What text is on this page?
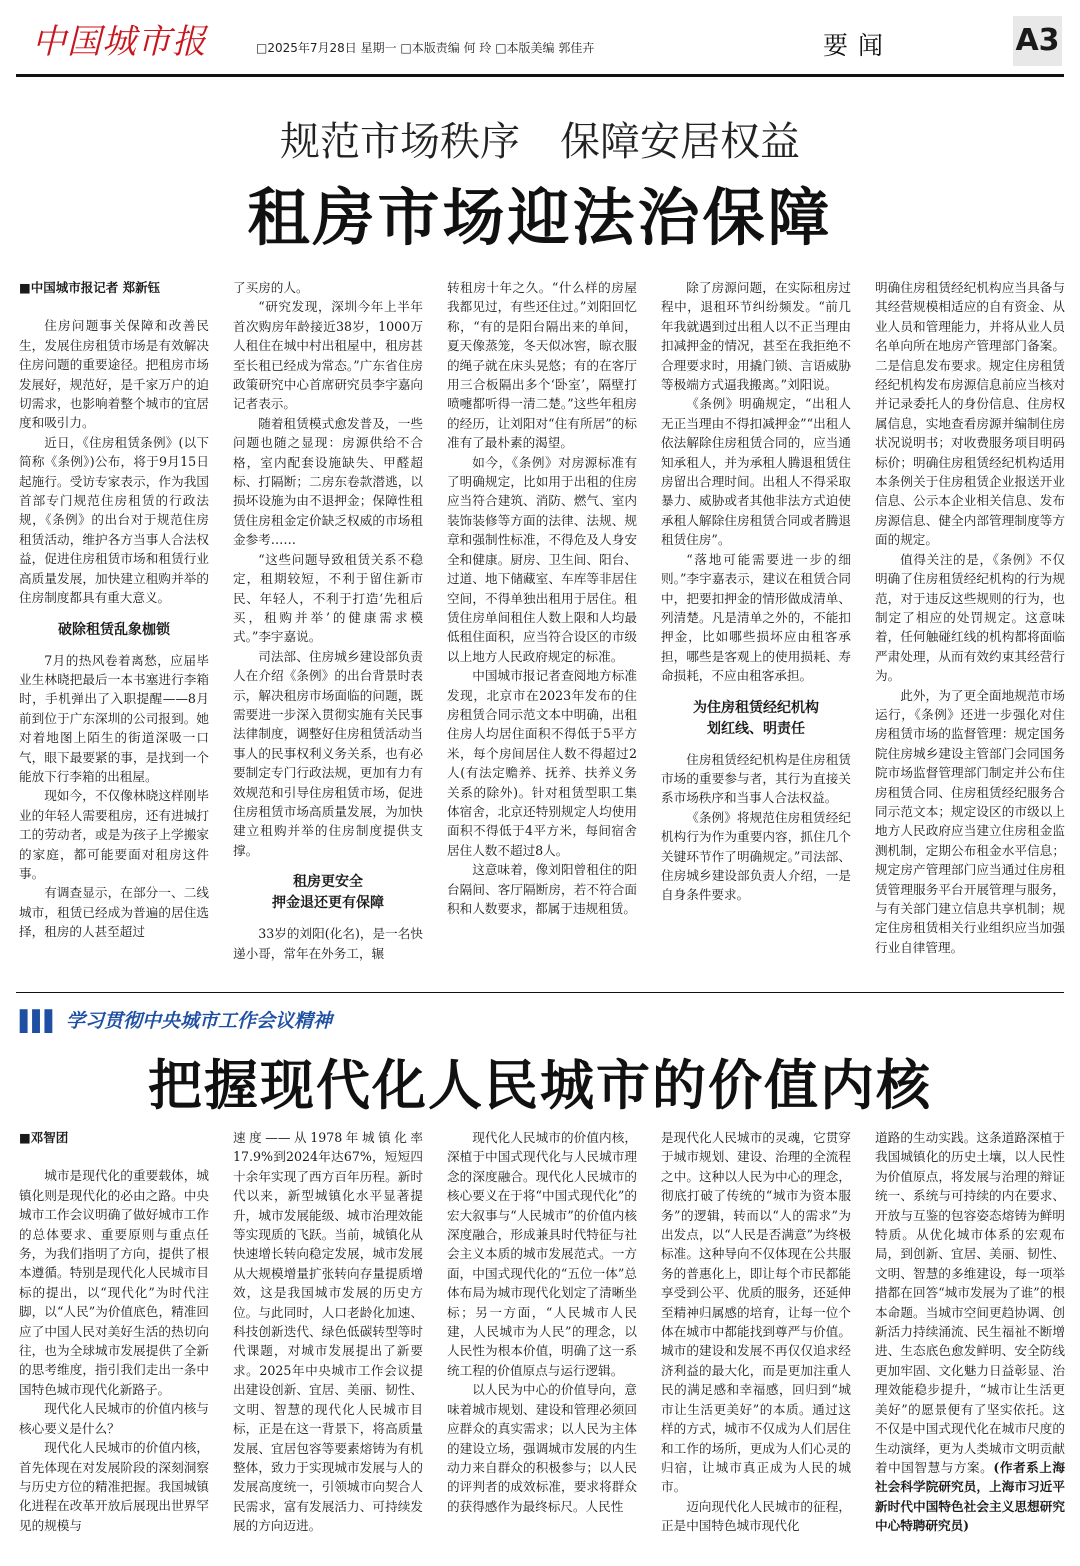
中国城市报	□2025年7月28日 星期一 □本版责编 何 玲 □本版美编 郭佳卉	要闻	A3
规范市场秩序　保障安居权益
租房市场迎法治保障

■中国城市报记者 郑新钰

住房问题事关保障和改善民生，发展住房租赁市场是有效解决住房问题的重要途径。把租房市场发展好，规范好，是千家万户的迫切需求，也影响着整个城市的宜居度和吸引力。

近日，《住房租赁条例》(以下简称《条例》)公布，将于9月15日起施行。受访专家表示，作为我国首部专门规范住房租赁的行政法规，《条例》的出台对于规范住房租赁活动，维护各方当事人合法权益，促进住房租赁市场和租赁行业高质量发展，加快建立租购并举的住房制度都具有重大意义。

破除租赁乱象枷锁

7月的热风卷着离愁，应届毕业生林晓把最后一本书塞进行李箱时，手机弹出了入职提醒——8月前到位于广东深圳的公司报到。她对着地图上陌生的街道深吸一口气，眼下最要紧的事，是找到一个能放下行李箱的出租屋。

现如今，不仅像林晓这样刚毕业的年轻人需要租房，还有进城打工的劳动者，或是为孩子上学搬家的家庭，都可能要面对租房这件事。

有调查显示，在部分一、二线城市，租赁已经成为普遍的居住选择，租房的人甚至超过

了买房的人。

“研究发现，深圳今年上半年首次购房年龄接近38岁，1000万人租住在城中村出租屋中，租房甚至长租已经成为常态。”广东省住房政策研究中心首席研究员李宇嘉向记者表示。

随着租赁模式愈发普及，一些问题也随之显现：房源供给不合格，室内配套设施缺失、甲醛超标、打隔断；二房东卷款潜逃，以损坏设施为由不退押金；保障性租赁住房租金定价缺乏权威的市场租金参考……

“这些问题导致租赁关系不稳定，租期较短，不利于留住新市民、年轻人，不利于打造‘先租后买，租购并举’的健康需求模式。”李宇嘉说。

司法部、住房城乡建设部负责人在介绍《条例》的出台背景时表示，解决租房市场面临的问题，既需要进一步深入贯彻实施有关民事法律制度，调整好住房租赁活动当事人的民事权利义务关系，也有必要制定专门行政法规，更加有力有效规范和引导住房租赁市场，促进住房租赁市场高质量发展，为加快建立租购并举的住房制度提供支撑。

租房更安全
押金退还更有保障

33岁的刘阳(化名)，是一名快递小哥，常年在外务工，辗

转租房十年之久。“什么样的房屋我都见过，有些还住过。”刘阳回忆称，“有的是阳台隔出来的单间，夏天像蒸笼，冬天似冰窖，晾衣服的绳子就在床头晃悠；有的在客厅用三合板隔出多个‘卧室’，隔壁打喷嚏都听得一清二楚。”这些年租房的经历，让刘阳对“住有所居”的标准有了最朴素的渴望。

如今，《条例》对房源标准有了明确规定，比如用于出租的住房应当符合建筑、消防、燃气、室内装饰装修等方面的法律、法规、规章和强制性标准，不得危及人身安全和健康。厨房、卫生间、阳台、过道、地下储藏室、车库等非居住空间，不得单独出租用于居住。租赁住房单间租住人数上限和人均最低租住面积，应当符合设区的市级以上地方人民政府规定的标准。

中国城市报记者查阅地方标准发现，北京市在2023年发布的住房租赁合同示范文本中明确，出租住房人均居住面积不得低于5平方米，每个房间居住人数不得超过2人(有法定赡养、抚养、扶养义务关系的除外)。针对租赁型职工集体宿舍，北京还特别规定人均使用面积不得低于4平方米，每间宿舍居住人数不超过8人。

这意味着，像刘阳曾租住的阳台隔间、客厅隔断房，若不符合面积和人数要求，都属于违规租赁。

除了房源问题，在实际租房过程中，退租环节纠纷频发。“前几年我就遇到过出租人以不正当理由扣减押金的情况，甚至在我拒绝不合理要求时，用撬门锁、言语威胁等极端方式逼我搬离。”刘阳说。

《条例》明确规定，“出租人无正当理由不得扣减押金”“出租人依法解除住房租赁合同的，应当通知承租人，并为承租人腾退租赁住房留出合理时间。出租人不得采取暴力、威胁或者其他非法方式迫使承租人解除住房租赁合同或者腾退租赁住房”。

“落地可能需要进一步的细则。”李宇嘉表示，建议在租赁合同中，把要扣押金的情形做成清单、列清楚。凡是清单之外的，不能扣押金，比如哪些损坏应由租客承担，哪些是客观上的使用损耗、寿命损耗，不应由租客承担。

为住房租赁经纪机构
划红线、明责任

住房租赁经纪机构是住房租赁市场的重要参与者，其行为直接关系市场秩序和当事人合法权益。

《条例》将规范住房租赁经纪机构行为作为重要内容，抓住几个关键环节作了明确规定。”司法部、住房城乡建设部负责人介绍，一是自身条件要求。

明确住房租赁经纪机构应当具备与其经营规模相适应的自有资金、从业人员和管理能力，并将从业人员名单向所在地房产管理部门备案。二是信息发布要求。规定住房租赁经纪机构发布房源信息前应当核对并记录委托人的身份信息、住房权属信息，实地查看房源并编制住房状况说明书；对收费服务项目明码标价；明确住房租赁经纪机构适用本条例关于住房租赁企业报送开业信息、公示本企业相关信息、发布房源信息、健全内部管理制度等方面的规定。

值得关注的是，《条例》不仅明确了住房租赁经纪机构的行为规范，对于违反这些规则的行为，也制定了相应的处罚规定。这意味着，任何触碰红线的机构都将面临严肃处理，从而有效约束其经营行为。

此外，为了更全面地规范市场运行，《条例》还进一步强化对住房租赁市场的监督管理：规定国务院住房城乡建设主管部门会同国务院市场监督管理部门制定并公布住房租赁合同、住房租赁经纪服务合同示范文本；规定设区的市级以上地方人民政府应当建立住房租金监测机制，定期公布租金水平信息；规定房产管理部门应当通过住房租赁管理服务平台开展管理与服务，与有关部门建立信息共享机制；规定住房租赁相关行业组织应当加强行业自律管理。

▌▌▌ 学习贯彻中央城市工作会议精神
把握现代化人民城市的价值内核

■邓智团

城市是现代化的重要载体，城镇化则是现代化的必由之路。中央城市工作会议明确了做好城市工作的总体要求、重要原则与重点任务，为我们指明了方向，提供了根本遵循。特别是现代化人民城市目标的提出，以“现代化”为时代注脚，以“人民”为价值底色，精准回应了中国人民对美好生活的热切向往，也为全球城市发展提供了全新的思考维度，指引我们走出一条中国特色城市现代化新路子。

现代化人民城市的价值内核与核心要义是什么？

现代化人民城市的价值内核，首先体现在对发展阶段的深刻洞察与历史方位的精准把握。我国城镇化进程在改革开放后展现出世界罕见的规模与

速度——从1978年城镇化率17.9%到2024年达67%，短短四十余年实现了西方百年历程。新时代以来，新型城镇化水平显著提升，城市发展能级、城市治理效能等实现质的飞跃。当前，城镇化从快速增长转向稳定发展，城市发展从大规模增量扩张转向存量提质增效，这是我国城市发展的历史方位。与此同时，人口老龄化加速、科技创新迭代、绿色低碳转型等时代课题，对城市发展提出了新要求。2025年中央城市工作会议提出建设创新、宜居、美丽、韧性、文明、智慧的现代化人民城市目标，正是在这一背景下，将高质量发展、宜居包容等要素熔铸为有机整体，致力于实现城市发展与人的发展高度统一，引领城市向契合人民需求，富有发展活力、可持续发展的方向迈进。

现代化人民城市的价值内核，深植于中国式现代化与人民城市理念的深度融合。现代化人民城市的核心要义在于将“中国式现代化”的宏大叙事与“人民城市”的价值内核深度融合，形成兼具时代特征与社会主义本质的城市发展范式。一方面，中国式现代化的“五位一体”总体布局为城市现代化划定了清晰坐标；另一方面，“人民城市人民建，人民城市为人民”的理念，以人民性为根本价值，明确了这一系统工程的价值原点与运行逻辑。

以人民为中心的价值导向，意味着城市规划、建设和管理必须回应群众的真实需求；以人民为主体的建设立场，强调城市发展的内生动力来自群众的积极参与；以人民的评判者的成效标准，要求将群众的获得感作为最终标尺。人民性

是现代化人民城市的灵魂，它贯穿于城市规划、建设、治理的全流程之中。这种以人民为中心的理念，彻底打破了传统的“城市为资本服务”的逻辑，转而以“人的需求”为出发点，以“人民是否满意”为终极标准。这种导向不仅体现在公共服务的普惠化上，即让每个市民都能享受到公平、优质的服务，还延伸至精神归属感的培育，让每一位个体在城市中都能找到尊严与价值。城市的建设和发展不再仅仅追求经济利益的最大化，而是更加注重人民的满足感和幸福感，回归到“城市让生活更美好”的本质。通过这样的方式，城市不仅成为人们居住和工作的场所，更成为人们心灵的归宿，让城市真正成为人民的城市。

迈向现代化人民城市的征程，正是中国特色城市现代化

道路的生动实践。这条道路深植于我国城镇化的历史土壤，以人民性为价值原点，将发展与治理的辩证统一、系统与可持续的内在要求、开放与互鉴的包容姿态熔铸为鲜明特质。从优化城市体系的宏观布局，到创新、宜居、美丽、韧性、文明、智慧的多维建设，每一项举措都在回答“城市发展为了谁”的根本命题。当城市空间更趋协调、创新活力持续涌流、民生福祉不断增进、生态底色愈发鲜明、安全防线更加牢固、文化魅力日益彰显、治理效能稳步提升，“城市让生活更美好”的愿景便有了坚实依托。这不仅是中国式现代化在城市尺度的生动演绎，更为人类城市文明贡献着中国智慧与方案。(作者系上海社会科学院研究员，上海市习近平新时代中国特色社会主义思想研究中心特聘研究员)
